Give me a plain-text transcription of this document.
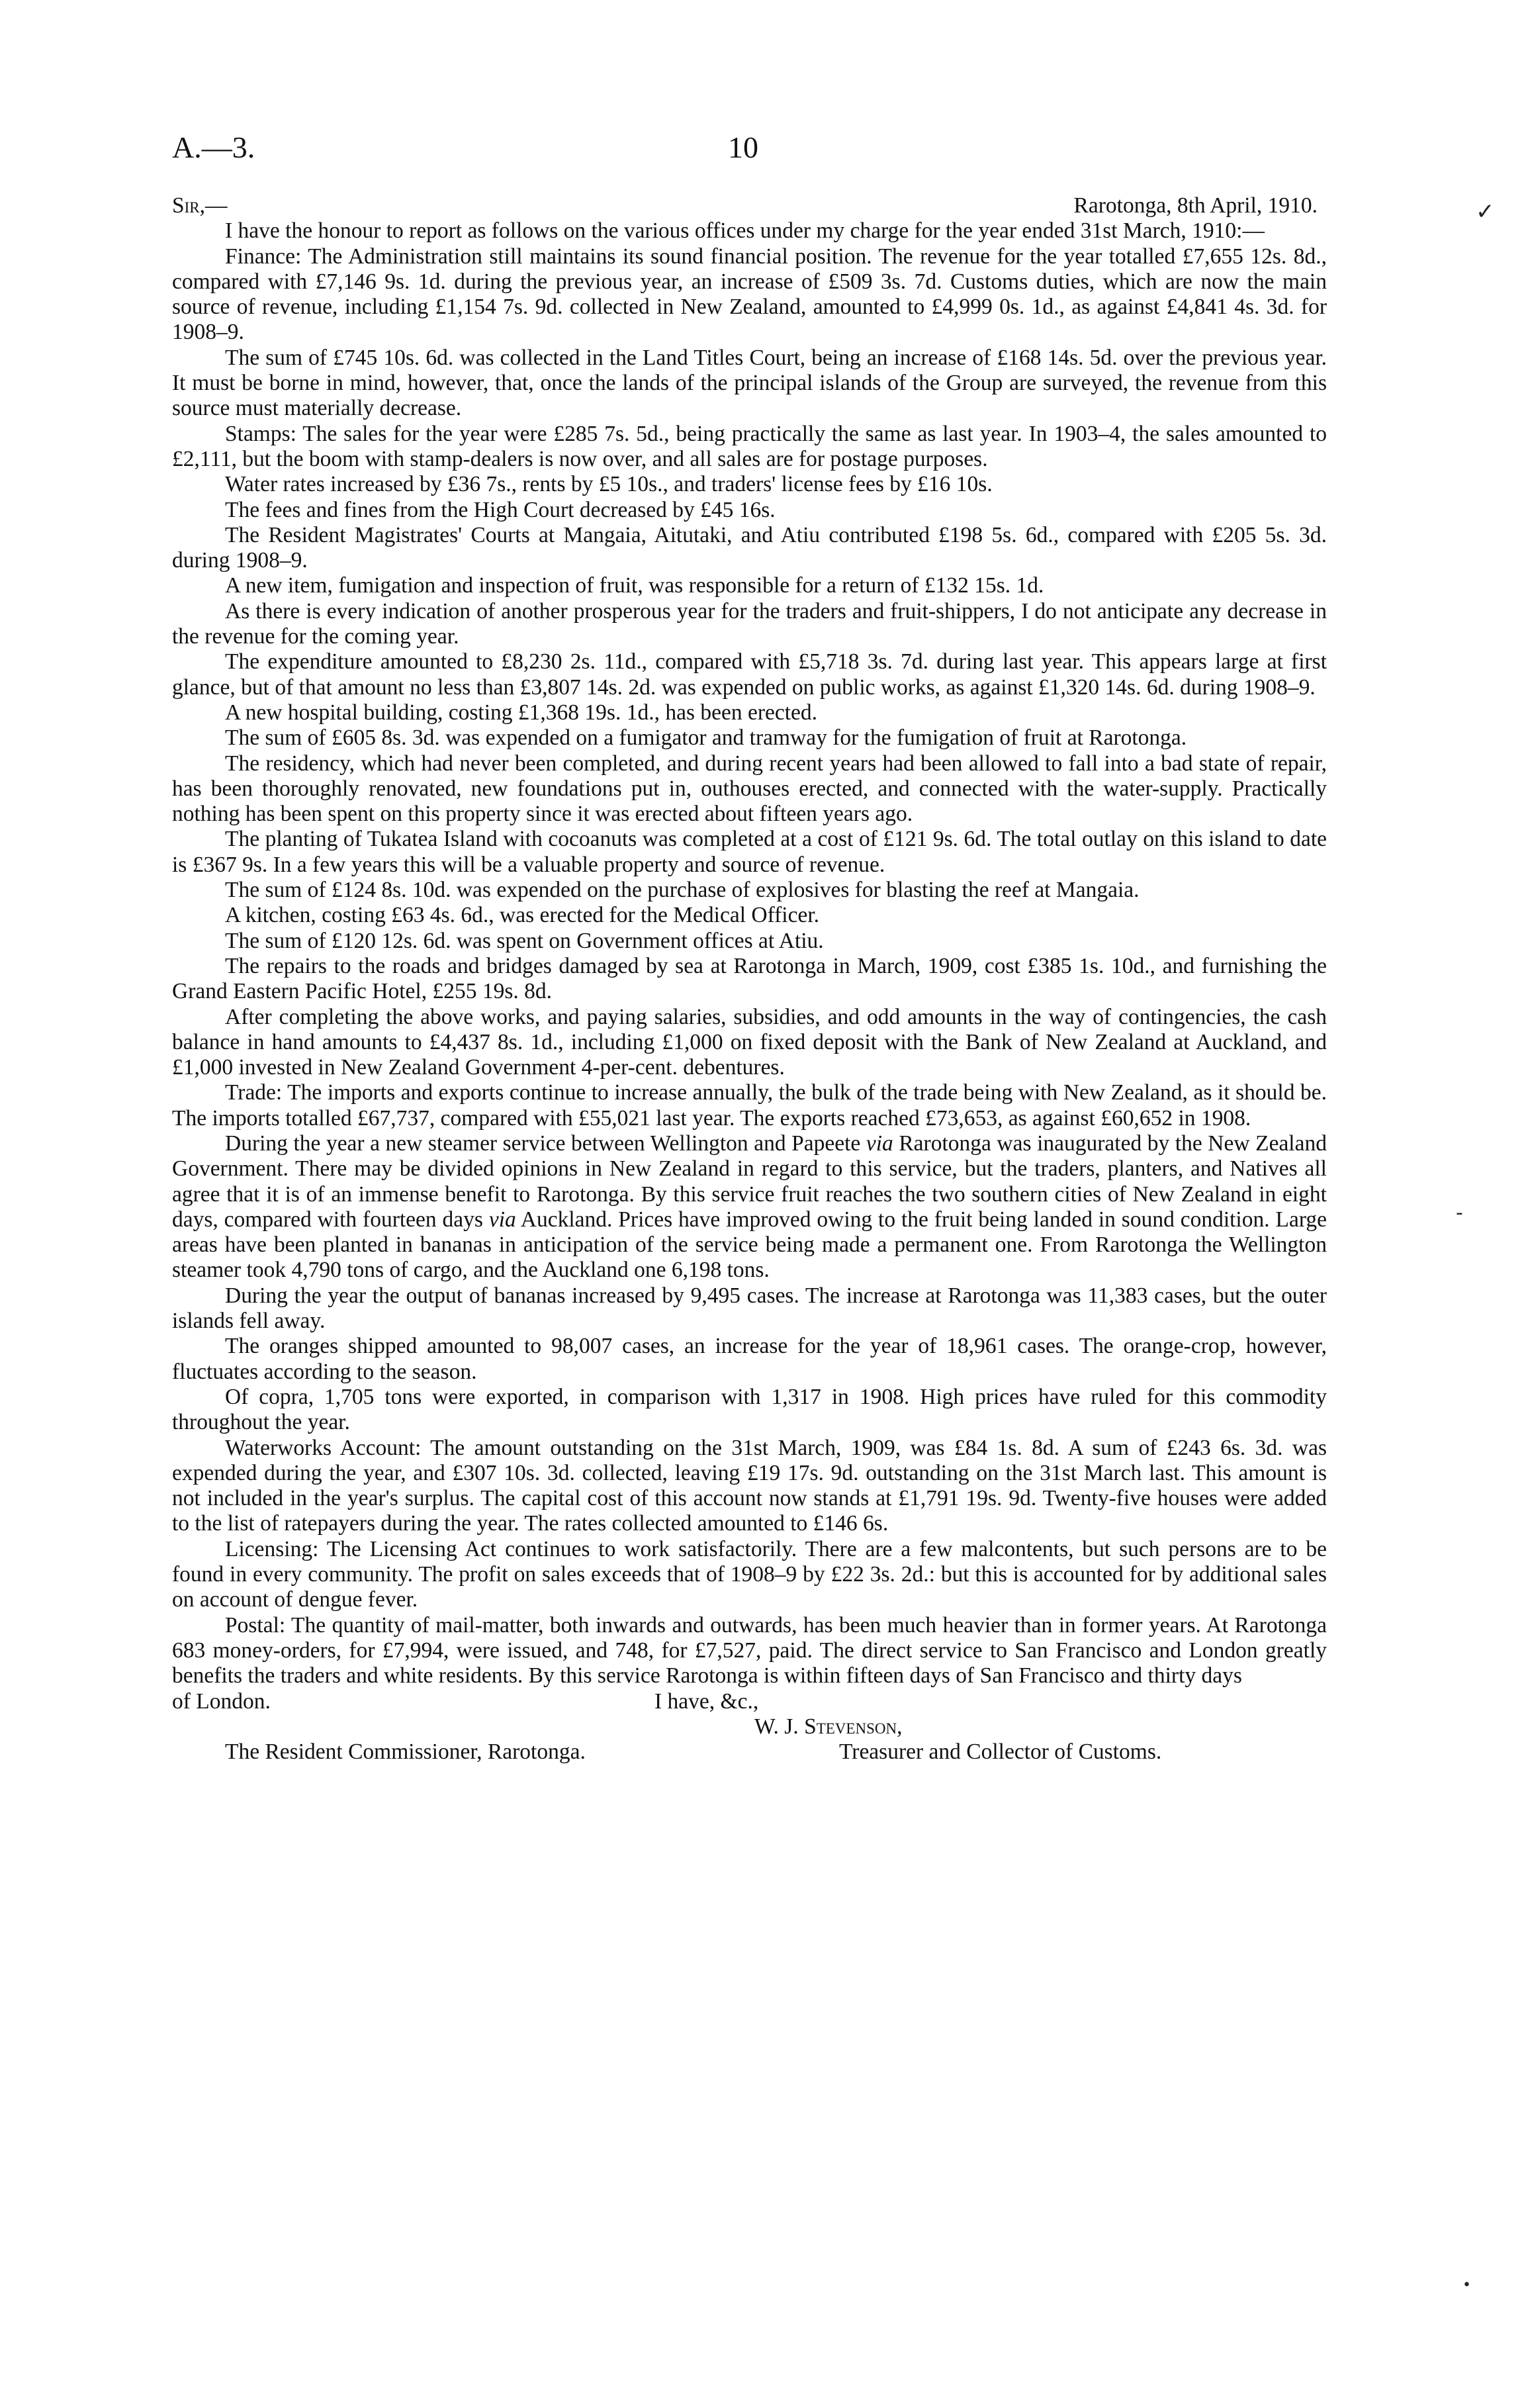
A.—3.	10
Sir,—	Rarotonga, 8th April, 1910.

I have the honour to report as follows on the various offices under my charge for the year ended 31st March, 1910:—

Finance: The Administration still maintains its sound financial position. The revenue for the year totalled £7,655 12s. 8d., compared with £7,146 9s. 1d. during the previous year, an increase of £509 3s. 7d. Customs duties, which are now the main source of revenue, including £1,154 7s. 9d. collected in New Zealand, amounted to £4,999 0s. 1d., as against £4,841 4s. 3d. for 1908–9.

The sum of £745 10s. 6d. was collected in the Land Titles Court, being an increase of £168 14s. 5d. over the previous year. It must be borne in mind, however, that, once the lands of the principal islands of the Group are surveyed, the revenue from this source must materially decrease.

Stamps: The sales for the year were £285 7s. 5d., being practically the same as last year. In 1903–4, the sales amounted to £2,111, but the boom with stamp-dealers is now over, and all sales are for postage purposes.

Water rates increased by £36 7s., rents by £5 10s., and traders' license fees by £16 10s.

The fees and fines from the High Court decreased by £45 16s.

The Resident Magistrates' Courts at Mangaia, Aitutaki, and Atiu contributed £198 5s. 6d., compared with £205 5s. 3d. during 1908–9.

A new item, fumigation and inspection of fruit, was responsible for a return of £132 15s. 1d.

As there is every indication of another prosperous year for the traders and fruit-shippers, I do not anticipate any decrease in the revenue for the coming year.

The expenditure amounted to £8,230 2s. 11d., compared with £5,718 3s. 7d. during last year. This appears large at first glance, but of that amount no less than £3,807 14s. 2d. was expended on public works, as against £1,320 14s. 6d. during 1908–9.

A new hospital building, costing £1,368 19s. 1d., has been erected.

The sum of £605 8s. 3d. was expended on a fumigator and tramway for the fumigation of fruit at Rarotonga.

The residency, which had never been completed, and during recent years had been allowed to fall into a bad state of repair, has been thoroughly renovated, new foundations put in, outhouses erected, and connected with the water-supply. Practically nothing has been spent on this property since it was erected about fifteen years ago.

The planting of Tukatea Island with cocoanuts was completed at a cost of £121 9s. 6d. The total outlay on this island to date is £367 9s. In a few years this will be a valuable property and source of revenue.

The sum of £124 8s. 10d. was expended on the purchase of explosives for blasting the reef at Mangaia.

A kitchen, costing £63 4s. 6d., was erected for the Medical Officer.

The sum of £120 12s. 6d. was spent on Government offices at Atiu.

The repairs to the roads and bridges damaged by sea at Rarotonga in March, 1909, cost £385 1s. 10d., and furnishing the Grand Eastern Pacific Hotel, £255 19s. 8d.

After completing the above works, and paying salaries, subsidies, and odd amounts in the way of contingencies, the cash balance in hand amounts to £4,437 8s. 1d., including £1,000 on fixed deposit with the Bank of New Zealand at Auckland, and £1,000 invested in New Zealand Government 4-per-cent. debentures.

Trade: The imports and exports continue to increase annually, the bulk of the trade being with New Zealand, as it should be. The imports totalled £67,737, compared with £55,021 last year. The exports reached £73,653, as against £60,652 in 1908.

During the year a new steamer service between Wellington and Papeete via Rarotonga was inaugurated by the New Zealand Government. There may be divided opinions in New Zealand in regard to this service, but the traders, planters, and Natives all agree that it is of an immense benefit to Rarotonga. By this service fruit reaches the two southern cities of New Zealand in eight days, compared with fourteen days via Auckland. Prices have improved owing to the fruit being landed in sound condition. Large areas have been planted in bananas in anticipation of the service being made a permanent one. From Rarotonga the Wellington steamer took 4,790 tons of cargo, and the Auckland one 6,198 tons.

During the year the output of bananas increased by 9,495 cases. The increase at Rarotonga was 11,383 cases, but the outer islands fell away.

The oranges shipped amounted to 98,007 cases, an increase for the year of 18,961 cases. The orange-crop, however, fluctuates according to the season.

Of copra, 1,705 tons were exported, in comparison with 1,317 in 1908. High prices have ruled for this commodity throughout the year.

Waterworks Account: The amount outstanding on the 31st March, 1909, was £84 1s. 8d. A sum of £243 6s. 3d. was expended during the year, and £307 10s. 3d. collected, leaving £19 17s. 9d. outstanding on the 31st March last. This amount is not included in the year's surplus. The capital cost of this account now stands at £1,791 19s. 9d. Twenty-five houses were added to the list of ratepayers during the year. The rates collected amounted to £146 6s.

Licensing: The Licensing Act continues to work satisfactorily. There are a few malcontents, but such persons are to be found in every community. The profit on sales exceeds that of 1908–9 by £22 3s. 2d.: but this is accounted for by additional sales on account of dengue fever.

Postal: The quantity of mail-matter, both inwards and outwards, has been much heavier than in former years. At Rarotonga 683 money-orders, for £7,994, were issued, and 748, for £7,527, paid. The direct service to San Francisco and London greatly benefits the traders and white residents. By this service Rarotonga is within fifteen days of San Francisco and thirty days

of London.	I have, &c.,
W. J. Stevenson,
The Resident Commissioner, Rarotonga.	Treasurer and Collector of Customs.
✓
‐
•
